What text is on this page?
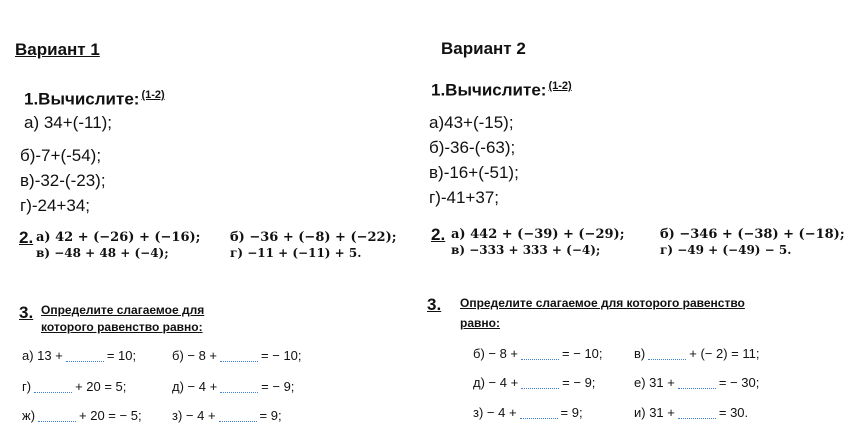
Вариант 1
1.Вычислите: $^{(1-2)}$
а) 34+(-11);
б)-7+(-54);
в)-32-(-23);
г)-24+34;
2. а) 42 + (−26) + (−16); б) −36 + (−8) + (−22);
в) −48 + 48 + (−4);	г) −11 + (−11) + 5.
3. Определите слагаемое для
которого равенство равно:
а) 13 +	= 10;	б) − 8 +	= − 10;
г)	+ 20 = 5;	д) − 4 +	= − 9;
ж)	+ 20 = − 5; з) − 4 +	= 9;
Вариант 2
1.Вычислите: $^{(1-2)}$
а)43+(-15);
б)-36-(-63);
в)-16+(-51);
г)-41+37;
2. а) 442 + (−39) + (−29);	б) −346 + (−38) + (−18);
в) −333 + 333 + (−4);	г) −49 + (−49) − 5.
3. Определите слагаемое для которого равенство
равно:
б) − 8 +	= − 10; в)	+ (− 2) = 11;
д) − 4 +	= − 9;	е) 31 +	= − 30;
з) − 4 +	= 9;	и) 31 +	= 30.
